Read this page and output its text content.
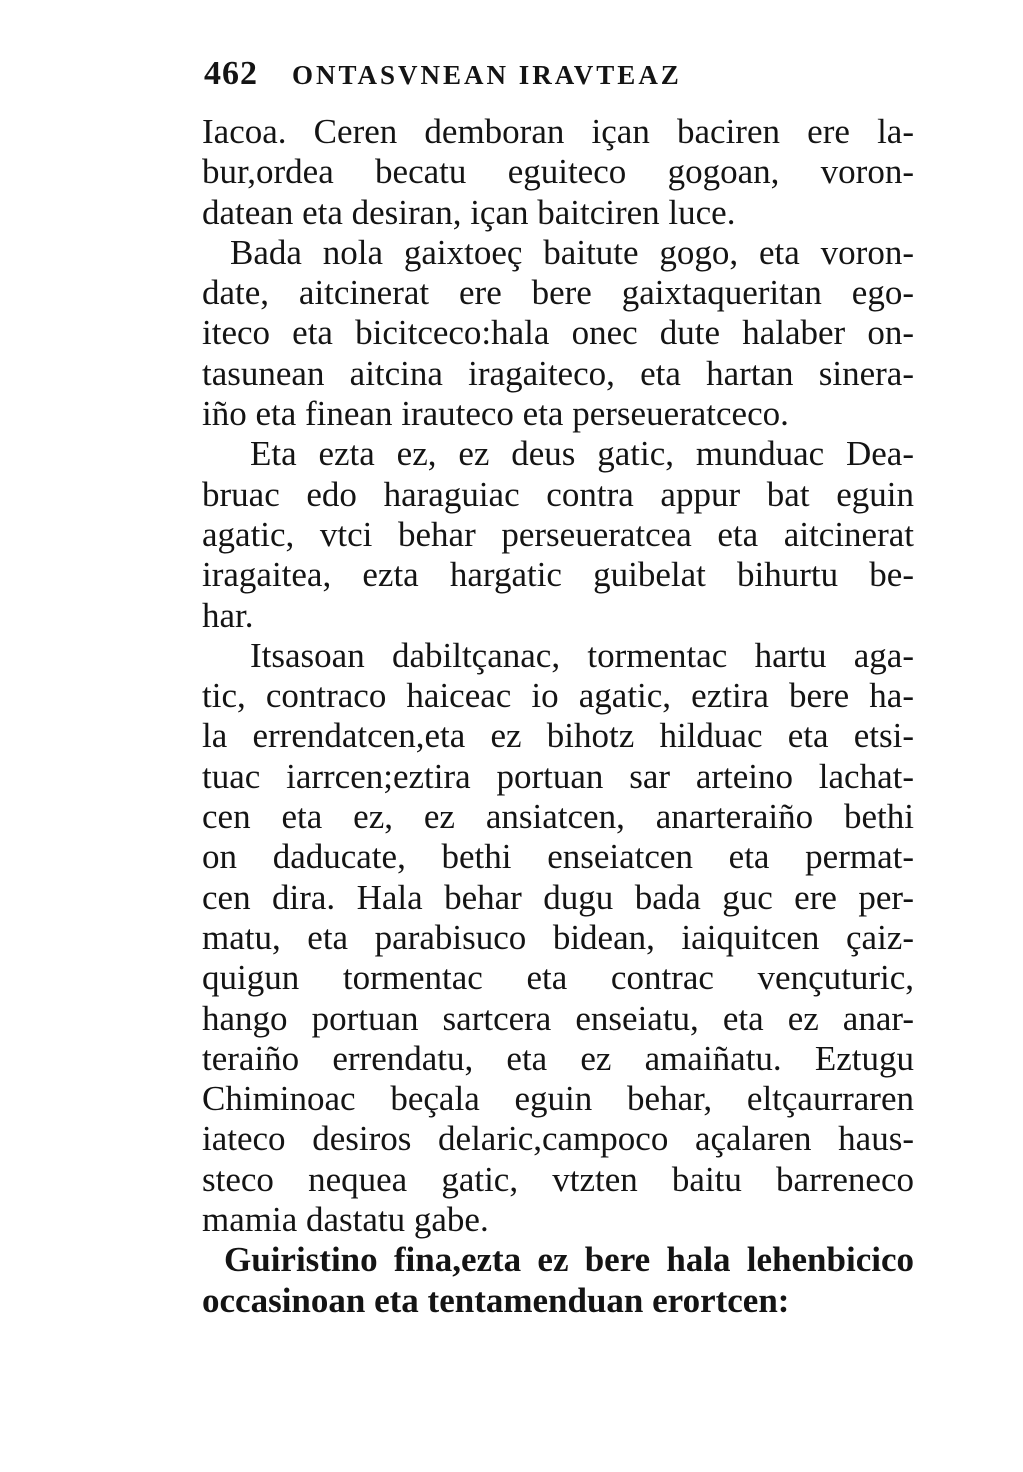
462 ONTASVNEAN IRAVTEAZ
Iacoa. Ceren demboran içan baciren ere la-
bur,ordea becatu eguiteco gogoan, voron-
datean eta desiran, içan baitciren luce.
Bada nola gaixtoeç baitute gogo, eta voron-
date, aitcinerat ere bere gaixtaqueritan ego-
iteco eta bicitceco:hala onec dute halaber on-
tasunean aitcina iragaiteco, eta hartan sinera-
iño eta finean irauteco eta perseueratceco.
Eta ezta ez, ez deus gatic, munduac Dea-
bruac edo haraguiac contra appur bat eguin
agatic, vtci behar perseueratcea eta aitcinerat
iragaitea, ezta hargatic guibelat bihurtu be-
har.
Itsasoan dabiltçanac, tormentac hartu aga-
tic, contraco haiceac io agatic, eztira bere ha-
la errendatcen,eta ez bihotz hilduac eta etsi-
tuac iarrcen;eztira portuan sar arteino lachat-
cen eta ez, ez ansiatcen, anarteraiño bethi
on daducate, bethi enseiatcen eta permat-
cen dira. Hala behar dugu bada guc ere per-
matu, eta parabisuco bidean, iaiquitcen çaiz-
quigun tormentac eta contrac vençuturic,
hango portuan sartcera enseiatu, eta ez anar-
teraiño errendatu, eta ez amaiñatu. Eztugu
Chiminoac beçala eguin behar, eltçaurraren
iateco desiros delaric,campoco açalaren haus-
steco nequea gatic, vtzten baitu barreneco
mamia dastatu gabe.
Guiristino fina,ezta ez bere hala lehenbicico
occasinoan eta tentamenduan erortcen:
